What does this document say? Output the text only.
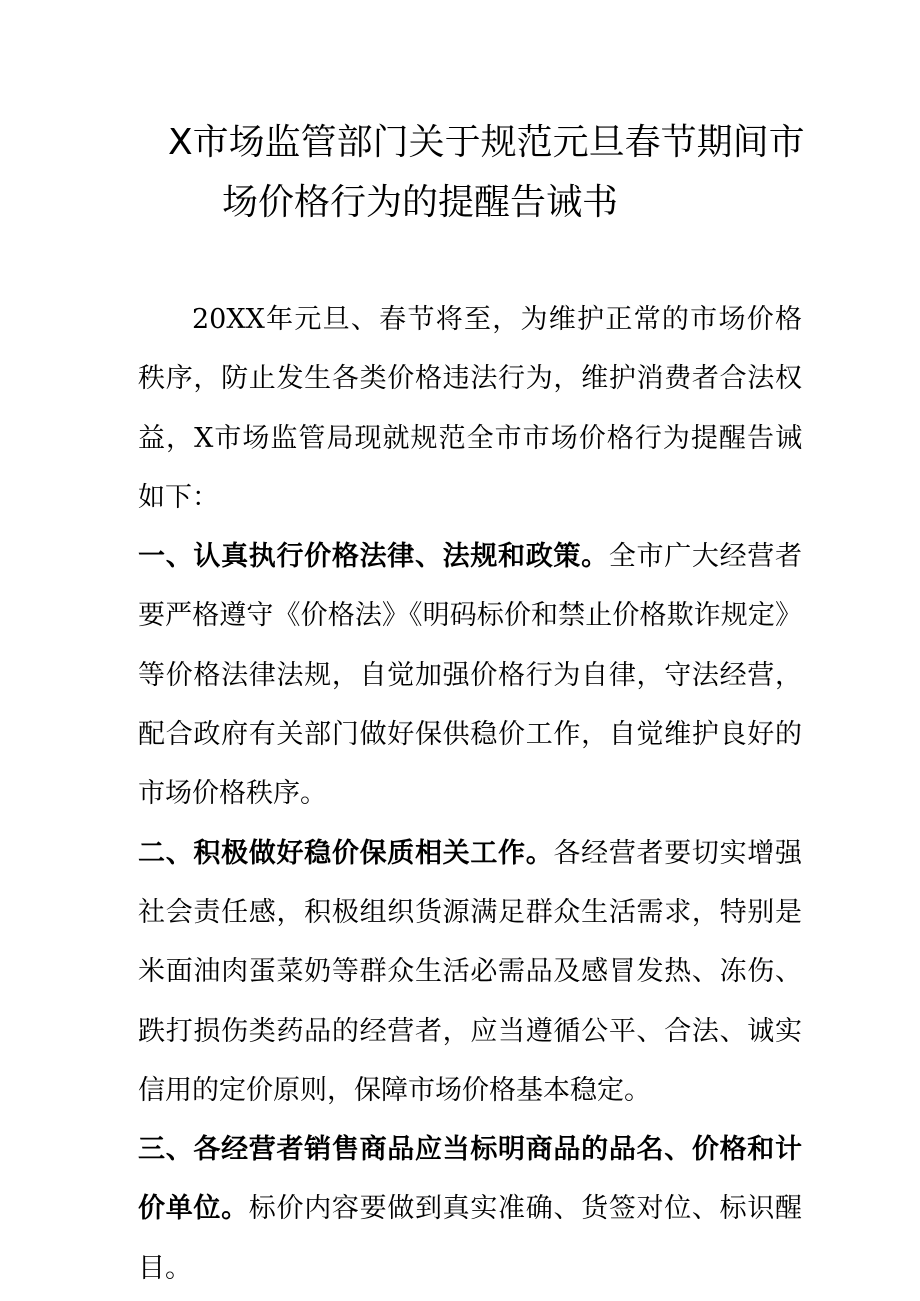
X市场监管部门关于规范元旦春节期间市
场价格行为的提醒告诫书

20XX年元旦、春节将至，为维护正常的市场价格秩序，防止发生各类价格违法行为，维护消费者合法权益，X市场监管局现就规范全市市场价格行为提醒告诫如下：

一、认真执行价格法律、法规和政策。全市广大经营者要严格遵守《价格法》《明码标价和禁止价格欺诈规定》等价格法律法规，自觉加强价格行为自律，守法经营，配合政府有关部门做好保供稳价工作，自觉维护良好的市场价格秩序。

二、积极做好稳价保质相关工作。各经营者要切实增强社会责任感，积极组织货源满足群众生活需求，特别是米面油肉蛋菜奶等群众生活必需品及感冒发热、冻伤、跌打损伤类药品的经营者，应当遵循公平、合法、诚实信用的定价原则，保障市场价格基本稳定。

三、各经营者销售商品应当标明商品的品名、价格和计价单位。标价内容要做到真实准确、货签对位、标识醒目。
